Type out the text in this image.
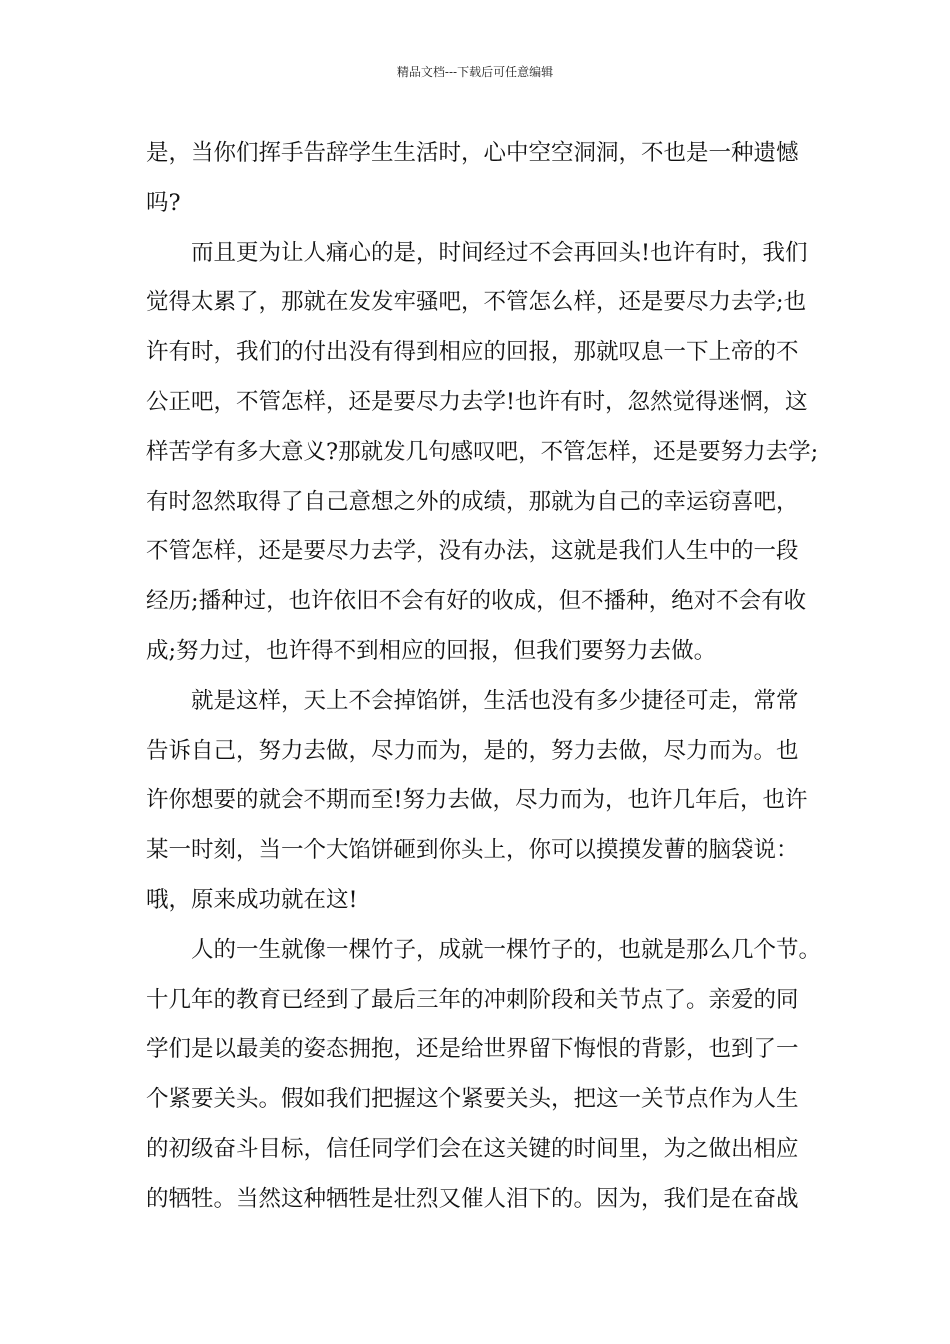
精品文档---下载后可任意编辑
是，当你们挥手告辞学生生活时，心中空空洞洞，不也是一种遗憾
吗?
而且更为让人痛心的是，时间经过不会再回头!也许有时，我们
觉得太累了，那就在发发牢骚吧，不管怎么样，还是要尽力去学;也
许有时，我们的付出没有得到相应的回报，那就叹息一下上帝的不
公正吧，不管怎样，还是要尽力去学!也许有时，忽然觉得迷惘，这
样苦学有多大意义?那就发几句感叹吧，不管怎样，还是要努力去学;
有时忽然取得了自己意想之外的成绩，那就为自己的幸运窃喜吧，
不管怎样，还是要尽力去学，没有办法，这就是我们人生中的一段
经历;播种过，也许依旧不会有好的收成，但不播种，绝对不会有收
成;努力过，也许得不到相应的回报，但我们要努力去做。
就是这样，天上不会掉馅饼，生活也没有多少捷径可走，常常
告诉自己，努力去做，尽力而为，是的，努力去做，尽力而为。也
许你想要的就会不期而至!努力去做，尽力而为，也许几年后，也许
某一时刻，当一个大馅饼砸到你头上，你可以摸摸发蓸的脑袋说：
哦，原来成功就在这!
人的一生就像一棵竹子，成就一棵竹子的，也就是那么几个节。
十几年的教育已经到了最后三年的冲刺阶段和关节点了。亲爱的同
学们是以最美的姿态拥抱，还是给世界留下悔恨的背影，也到了一
个紧要关头。假如我们把握这个紧要关头，把这一关节点作为人生
的初级奋斗目标，信任同学们会在这关键的时间里，为之做出相应
的牺牲。当然这种牺牲是壮烈又催人泪下的。因为，我们是在奋战
